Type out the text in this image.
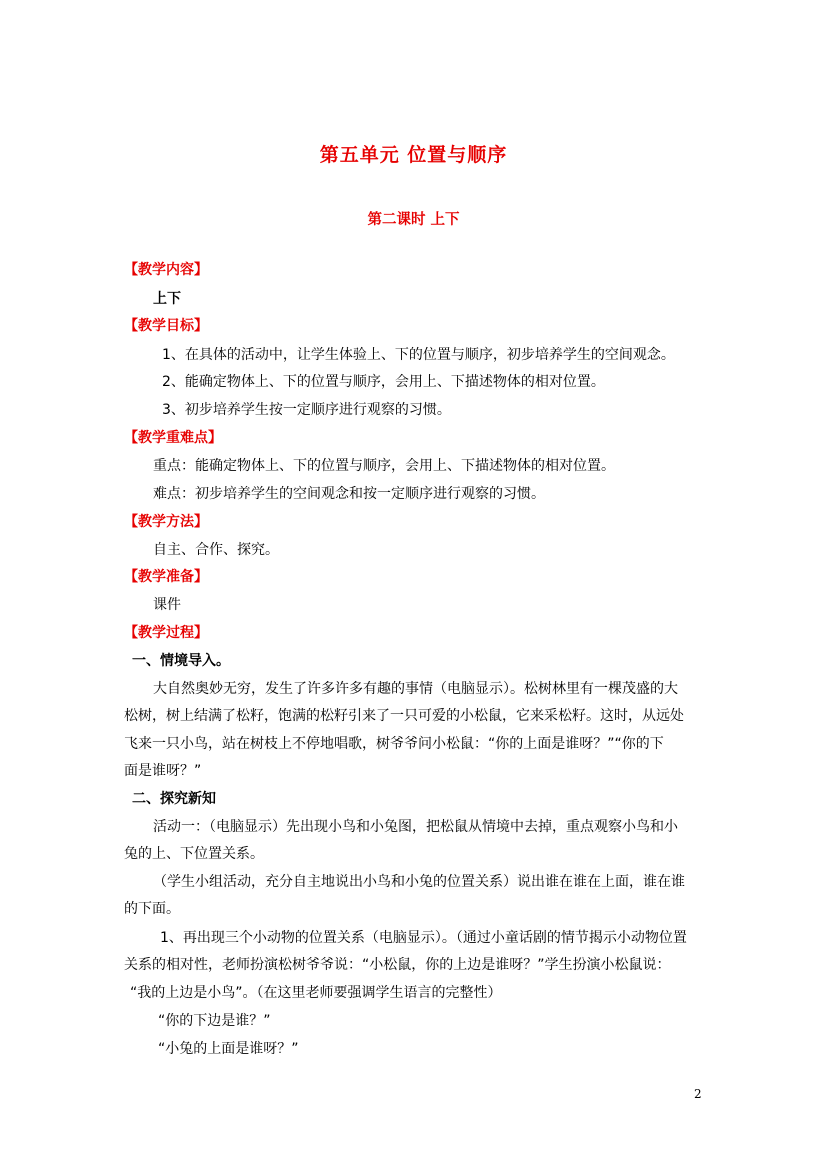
第五单元 位置与顺序
第二课时 上下
【教学内容】
上下
【教学目标】
1、在具体的活动中，让学生体验上、下的位置与顺序，初步培养学生的空间观念。
2、能确定物体上、下的位置与顺序，会用上、下描述物体的相对位置。
3、初步培养学生按一定顺序进行观察的习惯。
【教学重难点】
重点：能确定物体上、下的位置与顺序，会用上、下描述物体的相对位置。
难点：初步培养学生的空间观念和按一定顺序进行观察的习惯。
【教学方法】
自主、合作、探究。
【教学准备】
课件
【教学过程】
一、情境导入。
大自然奥妙无穷，发生了许多许多有趣的事情（电脑显示）。松树林里有一棵茂盛的大
松树，树上结满了松籽，饱满的松籽引来了一只可爱的小松鼠，它来采松籽。这时，从远处
飞来一只小鸟，站在树枝上不停地唱歌，树爷爷问小松鼠：“你的上面是谁呀？”“你的下
面是谁呀？”
二、探究新知
活动一：（电脑显示）先出现小鸟和小兔图，把松鼠从情境中去掉，重点观察小鸟和小
兔的上、下位置关系。
（学生小组活动，充分自主地说出小鸟和小兔的位置关系）说出谁在谁在上面，谁在谁
的下面。
1、再出现三个小动物的位置关系（电脑显示）。（通过小童话剧的情节揭示小动物位置
关系的相对性，老师扮演松树爷爷说：“小松鼠，你的上边是谁呀？”学生扮演小松鼠说：
“我的上边是小鸟”。（在这里老师要强调学生语言的完整性）
“你的下边是谁？”
“小兔的上面是谁呀？”
2
